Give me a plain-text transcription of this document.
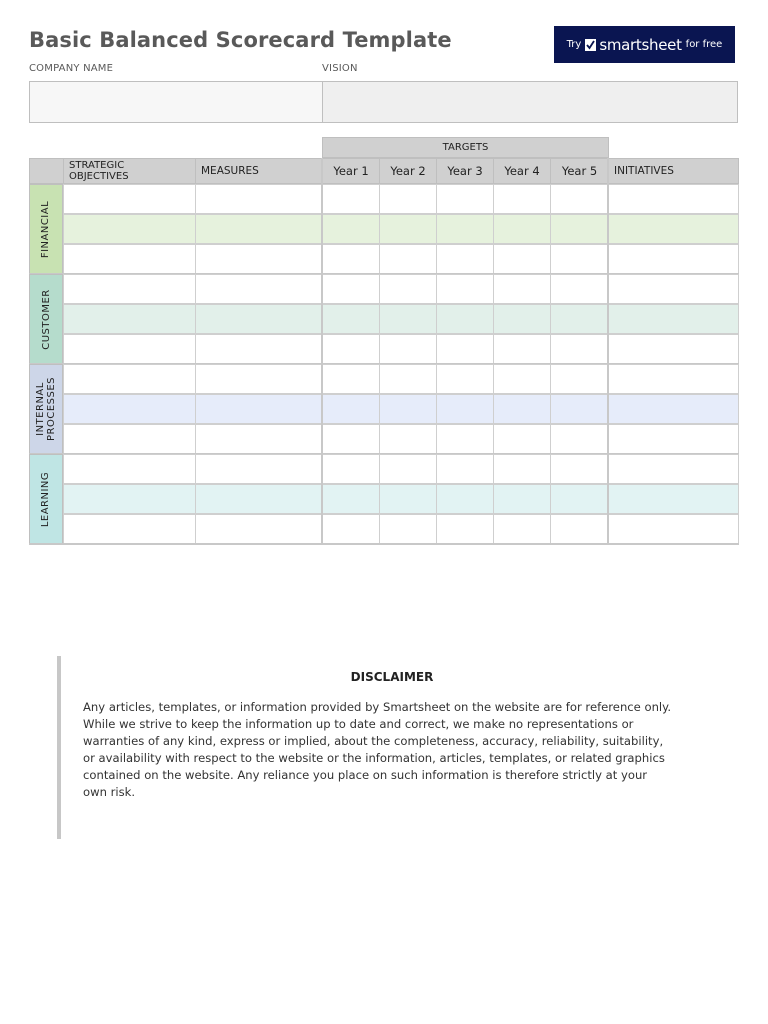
Basic Balanced Scorecard Template	Try smartsheet for free
COMPANY NAME	VISION
TARGETS
STRATEGIC
OBJECTIVES	MEASURES	Year 1	Year 2	Year 3	Year 4	Year 5	INITIATIVES
FINANCIAL
CUSTOMER
INTERNAL
PROCESSES
LEARNING
DISCLAIMER
Any articles, templates, or information provided by Smartsheet on the website are for reference only. While we strive to keep the information up to date and correct, we make no representations or warranties of any kind, express or implied, about the completeness, accuracy, reliability, suitability, or availability with respect to the website or the information, articles, templates, or related graphics contained on the website. Any reliance you place on such information is therefore strictly at your own risk.
